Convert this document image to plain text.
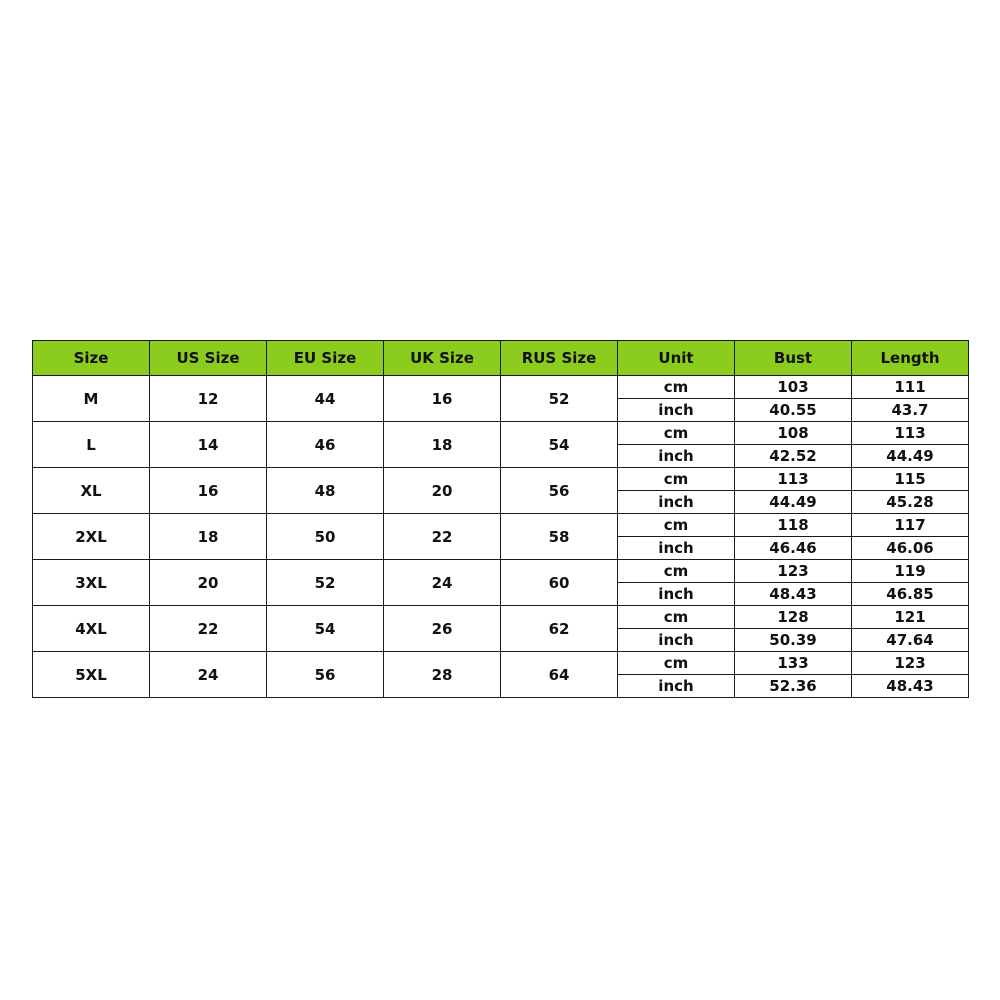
Size	US Size	EU Size	UK Size	RUS Size	Unit	Bust	Length
M	12	44	16	52	cm	103	111
					inch	40.55	43.7
L	14	46	18	54	cm	108	113
					inch	42.52	44.49
XL	16	48	20	56	cm	113	115
					inch	44.49	45.28
2XL	18	50	22	58	cm	118	117
					inch	46.46	46.06
3XL	20	52	24	60	cm	123	119
					inch	48.43	46.85
4XL	22	54	26	62	cm	128	121
					inch	50.39	47.64
5XL	24	56	28	64	cm	133	123
					inch	52.36	48.43
